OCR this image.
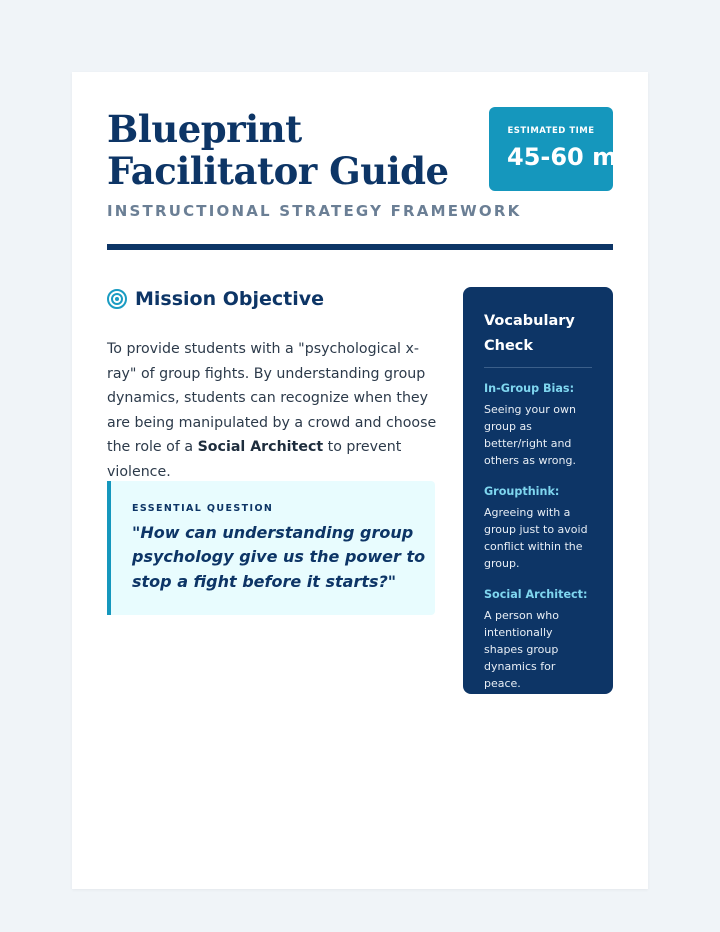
Blueprint
Facilitator Guide
INSTRUCTIONAL STRATEGY FRAMEWORK
ESTIMATED TIME
45-60 mi
Mission Objective

To provide students with a "psychological x-ray" of group fights. By understanding group dynamics, students can recognize when they are being manipulated by a crowd and choose the role of a Social Architect to prevent violence.

ESSENTIAL QUESTION
"How can understanding group psychology give us the power to stop a fight before it starts?"
Vocabulary Check
In-Group Bias:
Seeing your own group as better/right and others as wrong.
Groupthink:
Agreeing with a group just to avoid conflict within the group.
Social Architect:
A person who intentionally shapes group dynamics for peace.
